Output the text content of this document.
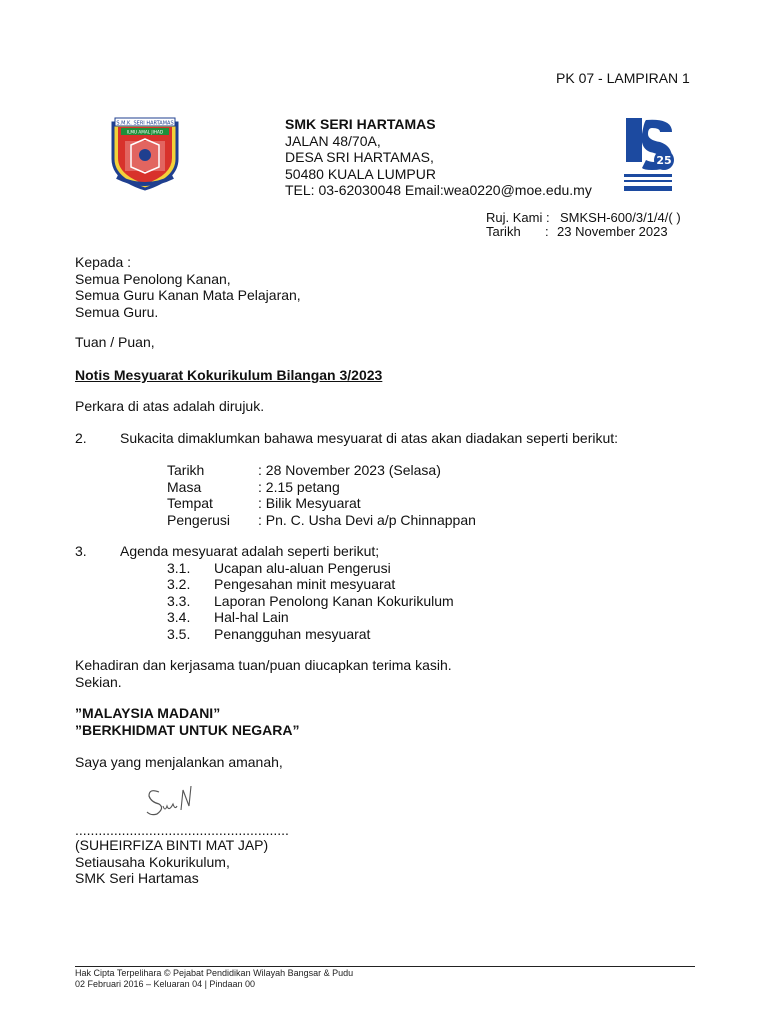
PK 07 - LAMPIRAN 1
S.M.K. SERI HARTAMAS
ILMU AMAL JIHAD	SMK SERI HARTAMAS
JALAN 48/70A,
DESA SRI HARTAMAS,
50480 KUALA LUMPUR
TEL: 03-62030048 Email:wea0220@moe.edu.my
25
Ruj. Kami : SMKSH-600/3/1/4/( )
Tarikh : 23 November 2023
Kepada :
Semua Penolong Kanan,
Semua Guru Kanan Mata Pelajaran,
Semua Guru.
Tuan / Puan,
Notis Mesyuarat Kokurikulum Bilangan 3/2023
Perkara di atas adalah dirujuk.
2. Sukacita dimaklumkan bahawa mesyuarat di atas akan diadakan seperti berikut:
Tarikh	: 28 November 2023 (Selasa)
Masa	: 2.15 petang
Tempat	: Bilik Mesyuarat
Pengerusi : Pn. C. Usha Devi a/p Chinnappan
3. Agenda mesyuarat adalah seperti berikut;
3.1. Ucapan alu-aluan Pengerusi
3.2. Pengesahan minit mesyuarat
3.3. Laporan Penolong Kanan Kokurikulum
3.4. Hal-hal Lain
3.5. Penangguhan mesyuarat
Kehadiran dan kerjasama tuan/puan diucapkan terima kasih.
Sekian.
”MALAYSIA MADANI”
”BERKHIDMAT UNTUK NEGARA”
Saya yang menjalankan amanah,
.......................................................
(SUHEIRFIZA BINTI MAT JAP)
Setiausaha Kokurikulum,
SMK Seri Hartamas
Hak Cipta Terpelihara © Pejabat Pendidikan Wilayah Bangsar & Pudu
02 Februari 2016 – Keluaran 04 | Pindaan 00
